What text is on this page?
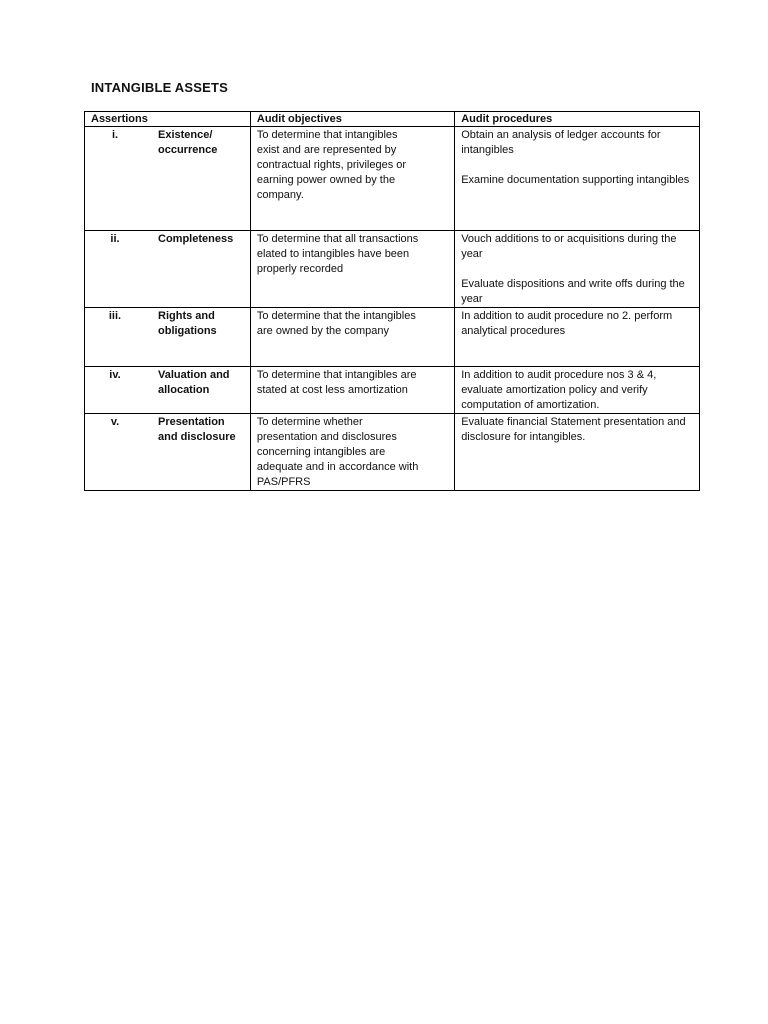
INTANGIBLE ASSETS
Assertions	Audit objectives	Audit procedures

i. Existence/
occurrence	To determine that intangibles
exist and are represented by
contractual rights, privileges or
earning power owned by the
company.	Obtain an analysis of ledger accounts for intangibles
Examine documentation supporting intangibles

ii. Completeness	To determine that all transactions
elated to intangibles have been
properly recorded	Vouch additions to or acquisitions during the year
Evaluate dispositions and write offs during the year

iii. Rights and
obligations	To determine that the intangibles
are owned by the company	In addition to audit procedure no 2. perform analytical procedures

iv. Valuation and
allocation	To determine that intangibles are
stated at cost less amortization	In addition to audit procedure nos 3 & 4, evaluate amortization policy and verify computation of amortization.

v. Presentation
and disclosure	To determine whether
presentation and disclosures
concerning intangibles are
adequate and in accordance with
PAS/PFRS	Evaluate financial Statement presentation and disclosure for intangibles.
